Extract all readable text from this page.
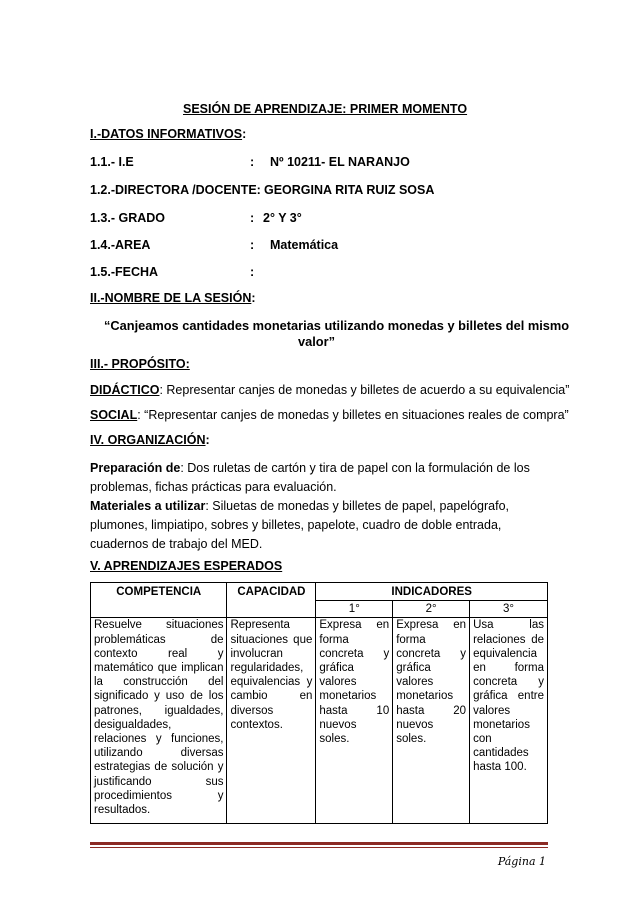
SESIÓN DE APRENDIZAJE: PRIMER MOMENTO
I.-DATOS INFORMATIVOS:
1.1.- I.E	: Nº 10211- EL NARANJO
1.2.-DIRECTORA /DOCENTE: GEORGINA RITA RUIZ SOSA
1.3.- GRADO	: 2° Y 3°
1.4.-AREA	: Matemática
1.5.-FECHA	:
II.-NOMBRE DE LA SESIÓN:
“Canjeamos cantidades monetarias utilizando monedas y billetes del mismo
valor”
III.- PROPÓSITO:
DIDÁCTICO: Representar canjes de monedas y billetes de acuerdo a su equivalencia”
SOCIAL: “Representar canjes de monedas y billetes en situaciones reales de compra”
IV. ORGANIZACIÓN:
Preparación de: Dos ruletas de cartón y tira de papel con la formulación de los problemas, fichas prácticas para evaluación.
Materiales a utilizar: Siluetas de monedas y billetes de papel, papelógrafo, plumones, limpiatipo, sobres y billetes, papelote, cuadro de doble entrada, cuadernos de trabajo del MED.
V. APRENDIZAJES ESPERADOS
COMPETENCIA	CAPACIDAD	INDICADORES		
		1°	2°	3°
Resuelve situaciones problemáticas de contexto real y matemático que implican la construcción del significado y uso de los patrones, igualdades, desigualdades, relaciones y funciones, utilizando diversas estrategias de solución y justificando sus procedimientos y resultados.	Representa situaciones que involucran regularidades, equivalencias y cambio en diversos contextos.	Expresa en forma concreta y gráfica valores monetarios hasta 10 nuevos soles.	Expresa en forma concreta y gráfica valores monetarios hasta 20 nuevos soles.	Usa las relaciones de equivalencia en forma concreta y gráfica entre valores monetarios con cantidades hasta 100.
Página 1
